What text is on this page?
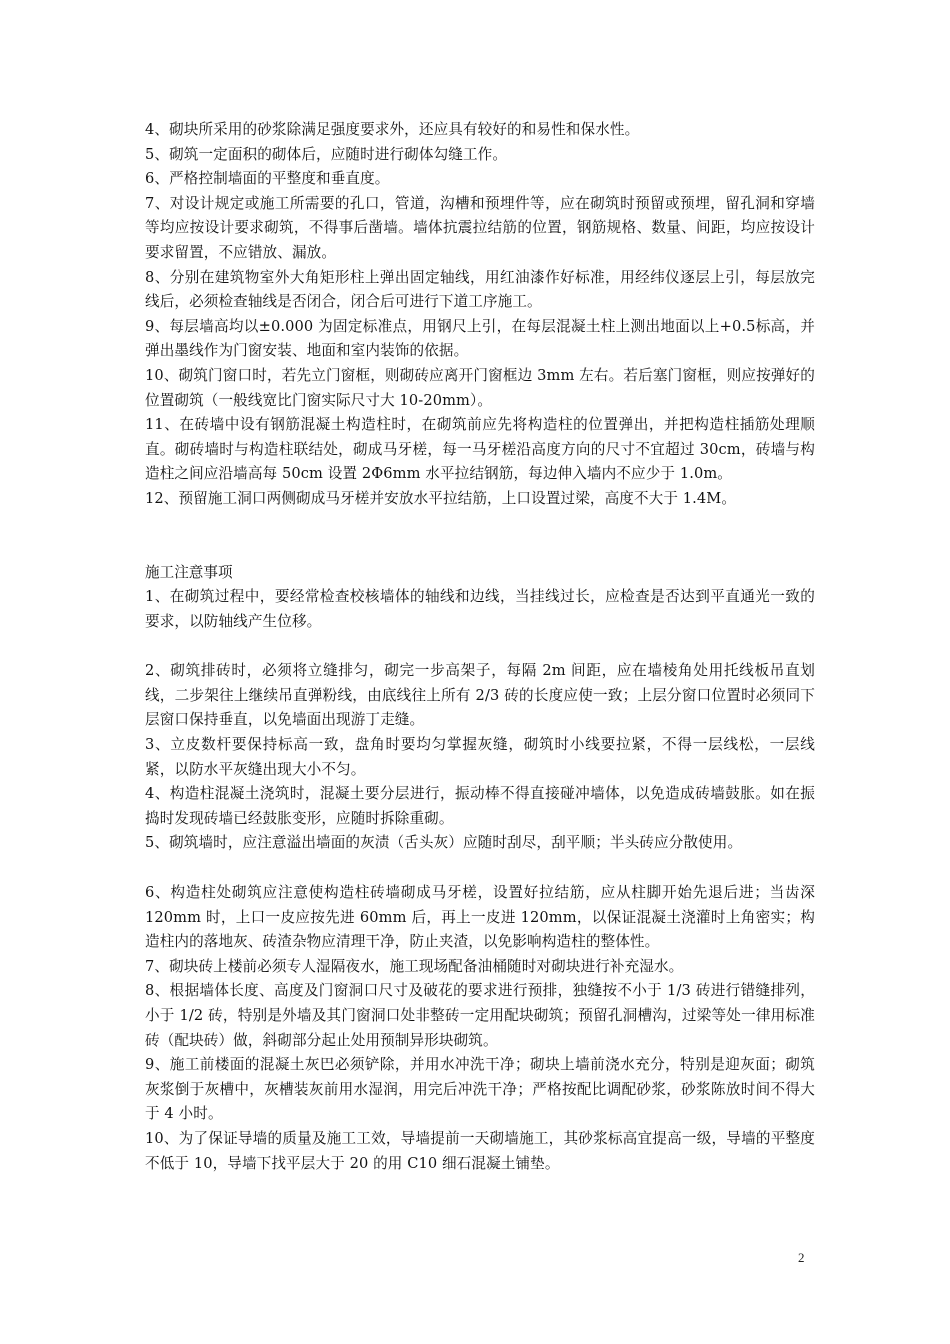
4、砌块所采用的砂浆除满足强度要求外，还应具有较好的和易性和保水性。

5、砌筑一定面积的砌体后，应随时进行砌体勾缝工作。

6、严格控制墙面的平整度和垂直度。

7、对设计规定或施工所需要的孔口，管道，沟槽和预埋件等，应在砌筑时预留或预埋，留孔洞和穿墙等均应按设计要求砌筑，不得事后凿墙。墙体抗震拉结筋的位置，钢筋规格、数量、间距，均应按设计要求留置，不应错放、漏放。

8、分别在建筑物室外大角矩形柱上弹出固定轴线，用红油漆作好标准，用经纬仪逐层上引，每层放完线后，必须检查轴线是否闭合，闭合后可进行下道工序施工。

9、每层墙高均以±0.000 为固定标准点，用钢尺上引，在每层混凝土柱上测出地面以上+0.5标高，并弹出墨线作为门窗安装、地面和室内装饰的依据。

10、砌筑门窗口时，若先立门窗框，则砌砖应离开门窗框边 3mm 左右。若后塞门窗框，则应按弹好的位置砌筑（一般线宽比门窗实际尺寸大 10-20mm）。

11、在砖墙中设有钢筋混凝土构造柱时，在砌筑前应先将构造柱的位置弹出，并把构造柱插筋处理顺直。砌砖墙时与构造柱联结处，砌成马牙槎，每一马牙槎沿高度方向的尺寸不宜超过 30cm，砖墙与构造柱之间应沿墙高每 50cm 设置 2Φ6mm 水平拉结钢筋，每边伸入墙内不应少于 1.0m。

12、预留施工洞口两侧砌成马牙槎并安放水平拉结筋，上口设置过梁，高度不大于 1.4M。

施工注意事项

1、在砌筑过程中，要经常检查校核墙体的轴线和边线，当挂线过长，应检查是否达到平直通光一致的要求，以防轴线产生位移。

2、砌筑排砖时，必须将立缝排匀，砌完一步高架子，每隔 2m 间距，应在墙棱角处用托线板吊直划线，二步架往上继续吊直弹粉线，由底线往上所有 2/3 砖的长度应使一致；上层分窗口位置时必须同下层窗口保持垂直，以免墙面出现游丁走缝。

3、立皮数杆要保持标高一致，盘角时要均匀掌握灰缝，砌筑时小线要拉紧，不得一层线松，一层线紧，以防水平灰缝出现大小不匀。

4、构造柱混凝土浇筑时，混凝土要分层进行，振动棒不得直接碰冲墙体，以免造成砖墙鼓胀。如在振捣时发现砖墙已经鼓胀变形，应随时拆除重砌。

5、砌筑墙时，应注意溢出墙面的灰渍（舌头灰）应随时刮尽，刮平顺；半头砖应分散使用。

6、构造柱处砌筑应注意使构造柱砖墙砌成马牙槎，设置好拉结筋，应从柱脚开始先退后进；当齿深 120mm 时，上口一皮应按先进 60mm 后，再上一皮进 120mm，以保证混凝土浇灌时上角密实；构造柱内的落地灰、砖渣杂物应清理干净，防止夹渣，以免影响构造柱的整体性。

7、砌块砖上楼前必须专人湿隔夜水，施工现场配备油桶随时对砌块进行补充湿水。

8、根据墙体长度、高度及门窗洞口尺寸及破花的要求进行预排，独缝按不小于 1/3 砖进行错缝排列，小于 1/2 砖，特别是外墙及其门窗洞口处非整砖一定用配块砌筑；预留孔洞槽沟，过梁等处一律用标准砖（配块砖）做，斜砌部分起止处用预制异形块砌筑。

9、施工前楼面的混凝土灰巴必须铲除，并用水冲洗干净；砌块上墙前浇水充分，特别是迎灰面；砌筑灰浆倒于灰槽中，灰槽装灰前用水湿润，用完后冲洗干净；严格按配比调配砂浆，砂浆陈放时间不得大于 4 小时。

10、为了保证导墙的质量及施工工效，导墙提前一天砌墙施工，其砂浆标高宜提高一级，导墙的平整度不低于 10，导墙下找平层大于 20 的用 C10 细石混凝土铺垫。

2
